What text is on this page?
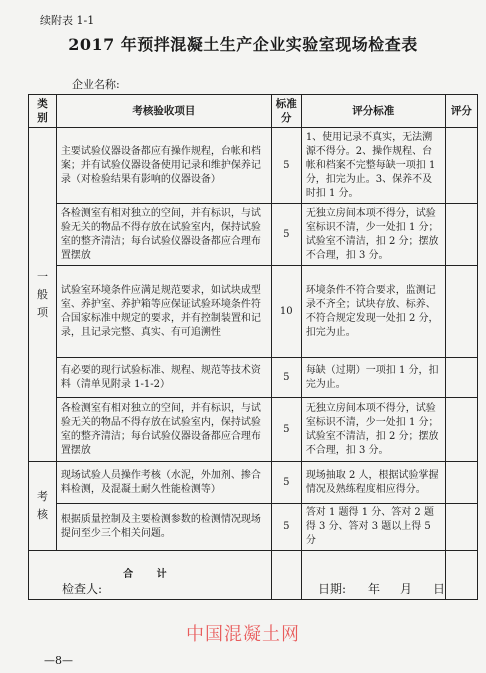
续附表 1-1
2017 年预拌混凝土生产企业实验室现场检查表
企业名称:
类别	考核验收项目	标准分	评分标准	评分
一 般 项	主要试验仪器设备都应有操作规程，台帐和档案；并有试验仪器设备使用记录和维护保养记录（对检验结果有影响的仪器设备）	5	1、使用记录不真实，无法溯源不得分。2、操作规程、台帐和档案不完整每缺一项扣 1 分，扣完为止。3、保养不及时扣 1 分。	
	各检测室有相对独立的空间，并有标识，与试验无关的物品不得存放在试验室内，保持试验室的整齐清洁；每台试验仪器设备都应合理布置摆放	5	无独立房间本项不得分，试验室标识不清，少一处扣 1 分；试验室不清洁，扣 2 分；摆放不合理，扣 3 分。	
	试验室环境条件应满足规范要求，如试块成型室、养护室、养护箱等应保证试验环境条件符合国家标准中规定的要求，并有控制装置和记录，且记录完整、真实、有可追溯性	10	环境条件不符合要求，监测记录不齐全；试块存放、标养、不符合规定发现一处扣 2 分，扣完为止。	
	有必要的现行试验标准、规程、规范等技术资料（清单见附录 1-1-2）	5	每缺（过期）一项扣 1 分，扣完为止。	
	各检测室有相对独立的空间，并有标识，与试验无关的物品不得存放在试验室内，保持试验室的整齐清洁；每台试验仪器设备都应合理布置摆放	5	无独立房间本项不得分，试验室标识不清，少一处扣 1 分；试验室不清洁，扣 2 分；摆放不合理，扣 3 分。	
考 核	现场试验人员操作考核（水泥，外加剂、掺合料检测，及混凝土耐久性能检测等）	5	现场抽取 2 人，根据试验掌握情况及熟练程度相应得分。	
	根据质量控制及主要检测参数的检测情况现场提问至少三个相关问题。	5	答对 1 题得 1 分、答对 2 题得 3 分、答对 3 题以上得 5 分	
合 计				
检查人:	日期: 年 月 日
中国混凝土网
—8—
